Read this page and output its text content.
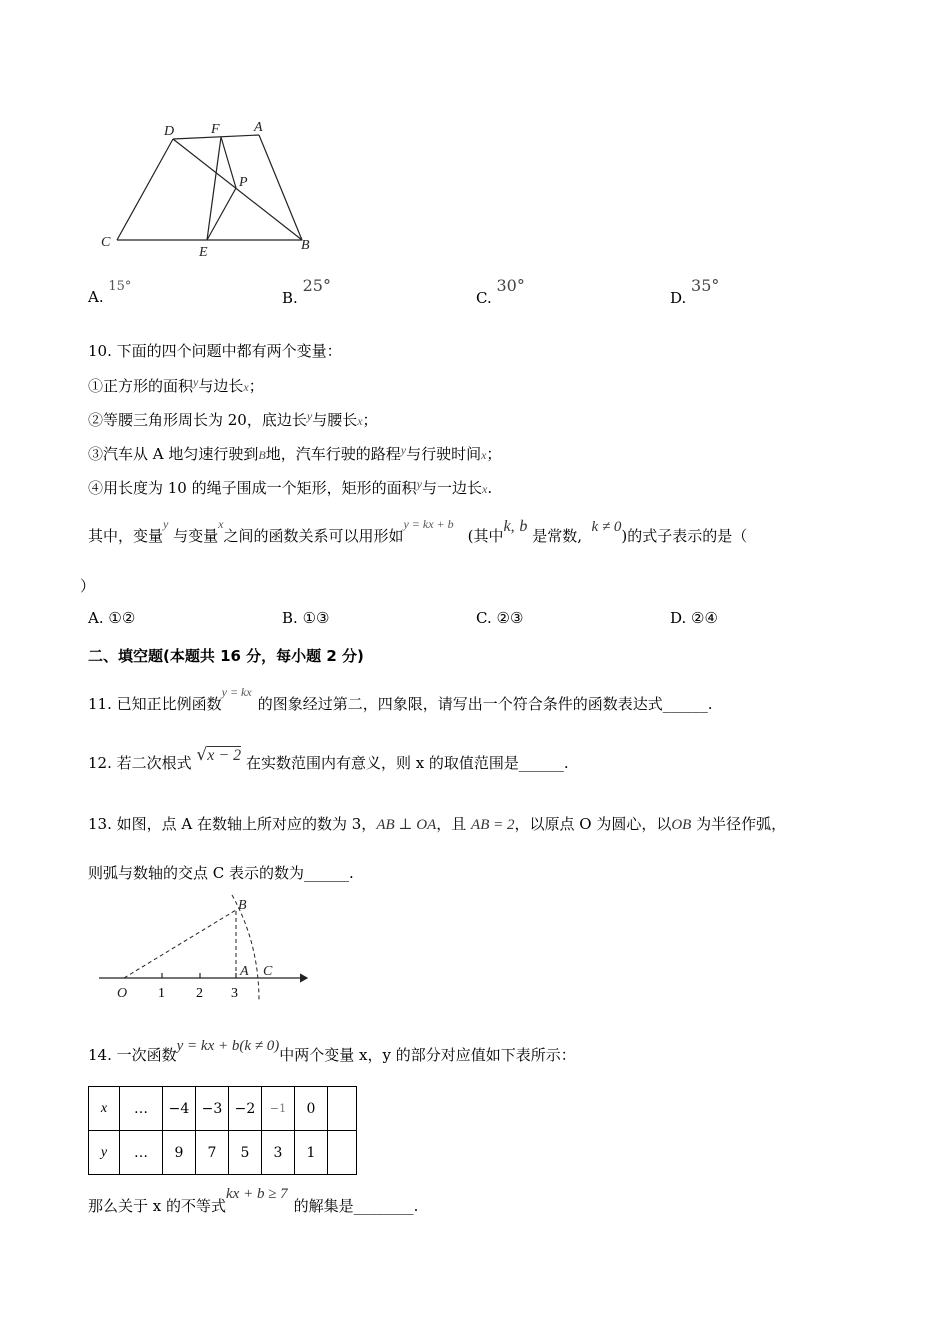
D	F A
P
C
E	B
A. 15°
B. 25°
C. 30°
D. 35°
10. 下面的四个问题中都有两个变量：
①正方形的面积$^y$与边长x；
②等腰三角形周长为 20，底边长$^y$与腰长x；
③汽车从 A 地匀速行驶到B地，汽车行驶的路程$^y$与行驶时间x；
④用长度为 10 的绳子围成一个矩形，矩形的面积$^y$与一边长x.
其中，变量$^y$ 与变量$^x$之间的函数关系可以用形如$^{y = kx + b}$(其中k, b 是常数, k ≠ 0)的式子表示的是（
）
A. ①②	B. ①③	C. ②③	D. ②④
二、填空题(本题共 16 分，每小题 2 分)
11. 已知正比例函数$^{y = kx}$的图象经过第二，四象限，请写出一个符合条件的函数表达式______.
12. 若二次根式 √x − 2 在实数范围内有意义，则 x 的取值范围是______.
13. 如图，点 A 在数轴上所对应的数为 3，AB ⊥ OA，且 AB = 2，以原点 O 为圆心，以OB 为半径作弧，
则弧与数轴的交点 C 表示的数为______.
B
O 1 2 3
A C
14. 一次函数y = kx + b(k ≠ 0)中两个变量 x，y 的部分对应值如下表所示：
x	…	−4	−3	−2	−1	0	
y	…	9	7	5	3	1	
那么关于 x 的不等式kx + b ≥ 7的解集是________.
